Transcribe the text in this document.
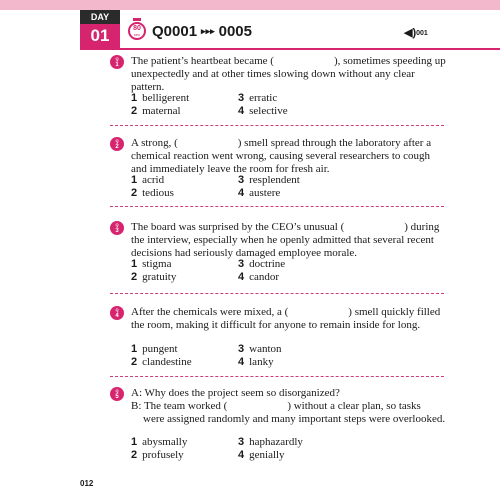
DAY
01	80
sec Q0001 ▸▸▸ 0005	◀)001
Q
1	The patient’s heartbeat became (	), sometimes speeding up unexpectedly and at other times slowing down without any clear pattern.
1 belligerent
2 maternal
3 erratic
4 selective
Q
2	A strong, (	) smell spread through the laboratory after a chemical reaction went wrong, causing several researchers to cough and immediately leave the room for fresh air.
1 acrid
2 tedious
3 resplendent
4 austere
Q
3	The board was surprised by the CEO’s unusual (	) during the interview, especially when he openly admitted that several recent decisions had seriously damaged employee morale.
1 stigma
2 gratuity
3 doctrine
4 candor
Q
4	After the chemicals were mixed, a (	) smell quickly filled the room, making it difficult for anyone to remain inside for long.
1 pungent
2 clandestine
3 wanton
4 lanky
Q
5	A: Why does the project seem so disorganized?
B: The team worked (	) without a clear plan, so tasks
were assigned randomly and many important steps were overlooked.
1 abysmally
2 profusely
3 haphazardly
4 genially
012
